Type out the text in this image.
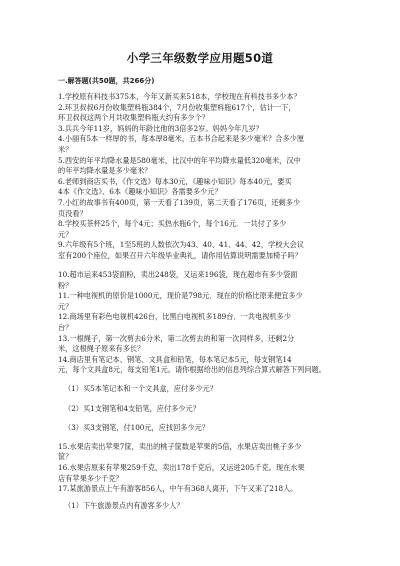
小学三年级数学应用题50道
一.解答题(共50题，共266分)

1.学校原有科技书375本，今年又新买来518本，学校现在有科技书多少本？

2.环卫叔叔6月份收集塑料瓶384个，7月份收集塑料瓶617个，估计一下，

环卫叔叔这两个月共收集塑料瓶大约有多少个？

3.兵兵今年11岁，妈妈的年龄比他的3倍多2岁。妈妈今年几岁？

4.小丽有5本一样厚的书，每本厚8毫米，五本书合起来是多少毫米？合多少厘

米？

5.西安的年平均降水量是580毫米，比汉中的年平均降水量低320毫米，汉中

的年平均降水量是多少毫米？

6.老师到商店买书，《作文选》每本30元，《趣味小知识》每本40元，要买

4本《作文选》、6本《趣味小知识》各需要多少元？

7.小红的故事书有400页，第一天看了139页，第二天看了176页，还剩多少

页没看？

8.学校买茶杯25个，每个4元；买热水瓶6个，每个16元．一共付了多少

元？

9.六年级有5个班，1至5班的人数依次为43、40、41、44、42，学校大会议

室有200个座位，如果召开六年级毕业典礼，请你用估算说明需要加椅子吗？

10.超市运来453袋面粉，卖出248袋，又运来196袋，现在超市有多少袋面

粉？

11.一种电视机的原价是1000元，现价是798元．现在的价格比原来便宜多少

元？

12.商场里有彩色电视机426台，比黑白电视机多189台．一共电视机多少

台？

13.一根绳子，第一次剪去6分米，第二次剪去的和第一次同样多，还剩2分

米，这根绳子原来有多长？

14.商店里有笔记本、钢笔、文具盒和铅笔，每本笔记本5元，每支钢笔14

元，每个文具盒8元，每支铅笔1元。请你根据给出的信息列综合算式解答下列问题。

（1）买5本笔记本和一个文具盒，应付多少元？

（2）买1支钢笔和4支铅笔，应付多少元？

（3）买3支钢笔，付100元，应找回多少元？

15.水果店卖出苹果7筐，卖出的桃子筐数是苹果的5倍，水果店卖出桃子多少

筐？

16.水果店原来有苹果259千克，卖出178千克后，又运进205千克。现在水果

店有苹果多少千克？

17.某旅游景点上午有游客856人，中午有368人离开，下午又来了218人。

（1）下午旅游景点内有游客多少人？
